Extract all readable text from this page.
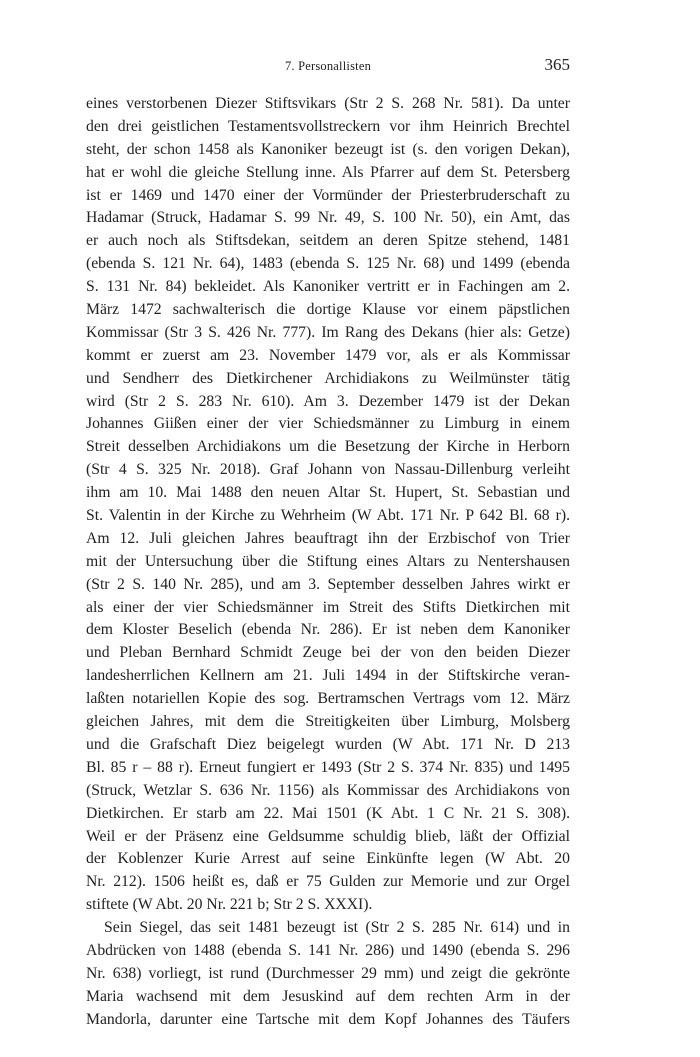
7. Personallisten	365
eines verstorbenen Diezer Stiftsvikars (Str 2 S. 268 Nr. 581). Da unter
den drei geistlichen Testamentsvollstreckern vor ihm Heinrich Brechtel
steht, der schon 1458 als Kanoniker bezeugt ist (s. den vorigen Dekan),
hat er wohl die gleiche Stellung inne. Als Pfarrer auf dem St. Petersberg
ist er 1469 und 1470 einer der Vormünder der Priesterbruderschaft zu
Hadamar (Struck, Hadamar S. 99 Nr. 49, S. 100 Nr. 50), ein Amt, das
er auch noch als Stiftsdekan, seitdem an deren Spitze stehend, 1481
(ebenda S. 121 Nr. 64), 1483 (ebenda S. 125 Nr. 68) und 1499 (ebenda
S. 131 Nr. 84) bekleidet. Als Kanoniker vertritt er in Fachingen am 2.
März 1472 sachwalterisch die dortige Klause vor einem päpstlichen
Kommissar (Str 3 S. 426 Nr. 777). Im Rang des Dekans (hier als: Getze)
kommt er zuerst am 23. November 1479 vor, als er als Kommissar
und Sendherr des Dietkirchener Archidiakons zu Weilmünster tätig
wird (Str 2 S. 283 Nr. 610). Am 3. Dezember 1479 ist der Dekan
Johannes Giißen einer der vier Schiedsmänner zu Limburg in einem
Streit desselben Archidiakons um die Besetzung der Kirche in Herborn
(Str 4 S. 325 Nr. 2018). Graf Johann von Nassau-Dillenburg verleiht
ihm am 10. Mai 1488 den neuen Altar St. Hupert, St. Sebastian und
St. Valentin in der Kirche zu Wehrheim (W Abt. 171 Nr. P 642 Bl. 68 r).
Am 12. Juli gleichen Jahres beauftragt ihn der Erzbischof von Trier
mit der Untersuchung über die Stiftung eines Altars zu Nentershausen
(Str 2 S. 140 Nr. 285), und am 3. September desselben Jahres wirkt er
als einer der vier Schiedsmänner im Streit des Stifts Dietkirchen mit
dem Kloster Beselich (ebenda Nr. 286). Er ist neben dem Kanoniker
und Pleban Bernhard Schmidt Zeuge bei der von den beiden Diezer
landesherrlichen Kellnern am 21. Juli 1494 in der Stiftskirche veran-
laßten notariellen Kopie des sog. Bertramschen Vertrags vom 12. März
gleichen Jahres, mit dem die Streitigkeiten über Limburg, Molsberg
und die Grafschaft Diez beigelegt wurden (W Abt. 171 Nr. D 213
Bl. 85 r – 88 r). Erneut fungiert er 1493 (Str 2 S. 374 Nr. 835) und 1495
(Struck, Wetzlar S. 636 Nr. 1156) als Kommissar des Archidiakons von
Dietkirchen. Er starb am 22. Mai 1501 (K Abt. 1 C Nr. 21 S. 308).
Weil er der Präsenz eine Geldsumme schuldig blieb, läßt der Offizial
der Koblenzer Kurie Arrest auf seine Einkünfte legen (W Abt. 20
Nr. 212). 1506 heißt es, daß er 75 Gulden zur Memorie und zur Orgel
stiftete (W Abt. 20 Nr. 221 b; Str 2 S. XXXI).
Sein Siegel, das seit 1481 bezeugt ist (Str 2 S. 285 Nr. 614) und in
Abdrücken von 1488 (ebenda S. 141 Nr. 286) und 1490 (ebenda S. 296
Nr. 638) vorliegt, ist rund (Durchmesser 29 mm) und zeigt die gekrönte
Maria wachsend mit dem Jesuskind auf dem rechten Arm in der
Mandorla, darunter eine Tartsche mit dem Kopf Johannes des Täufers
